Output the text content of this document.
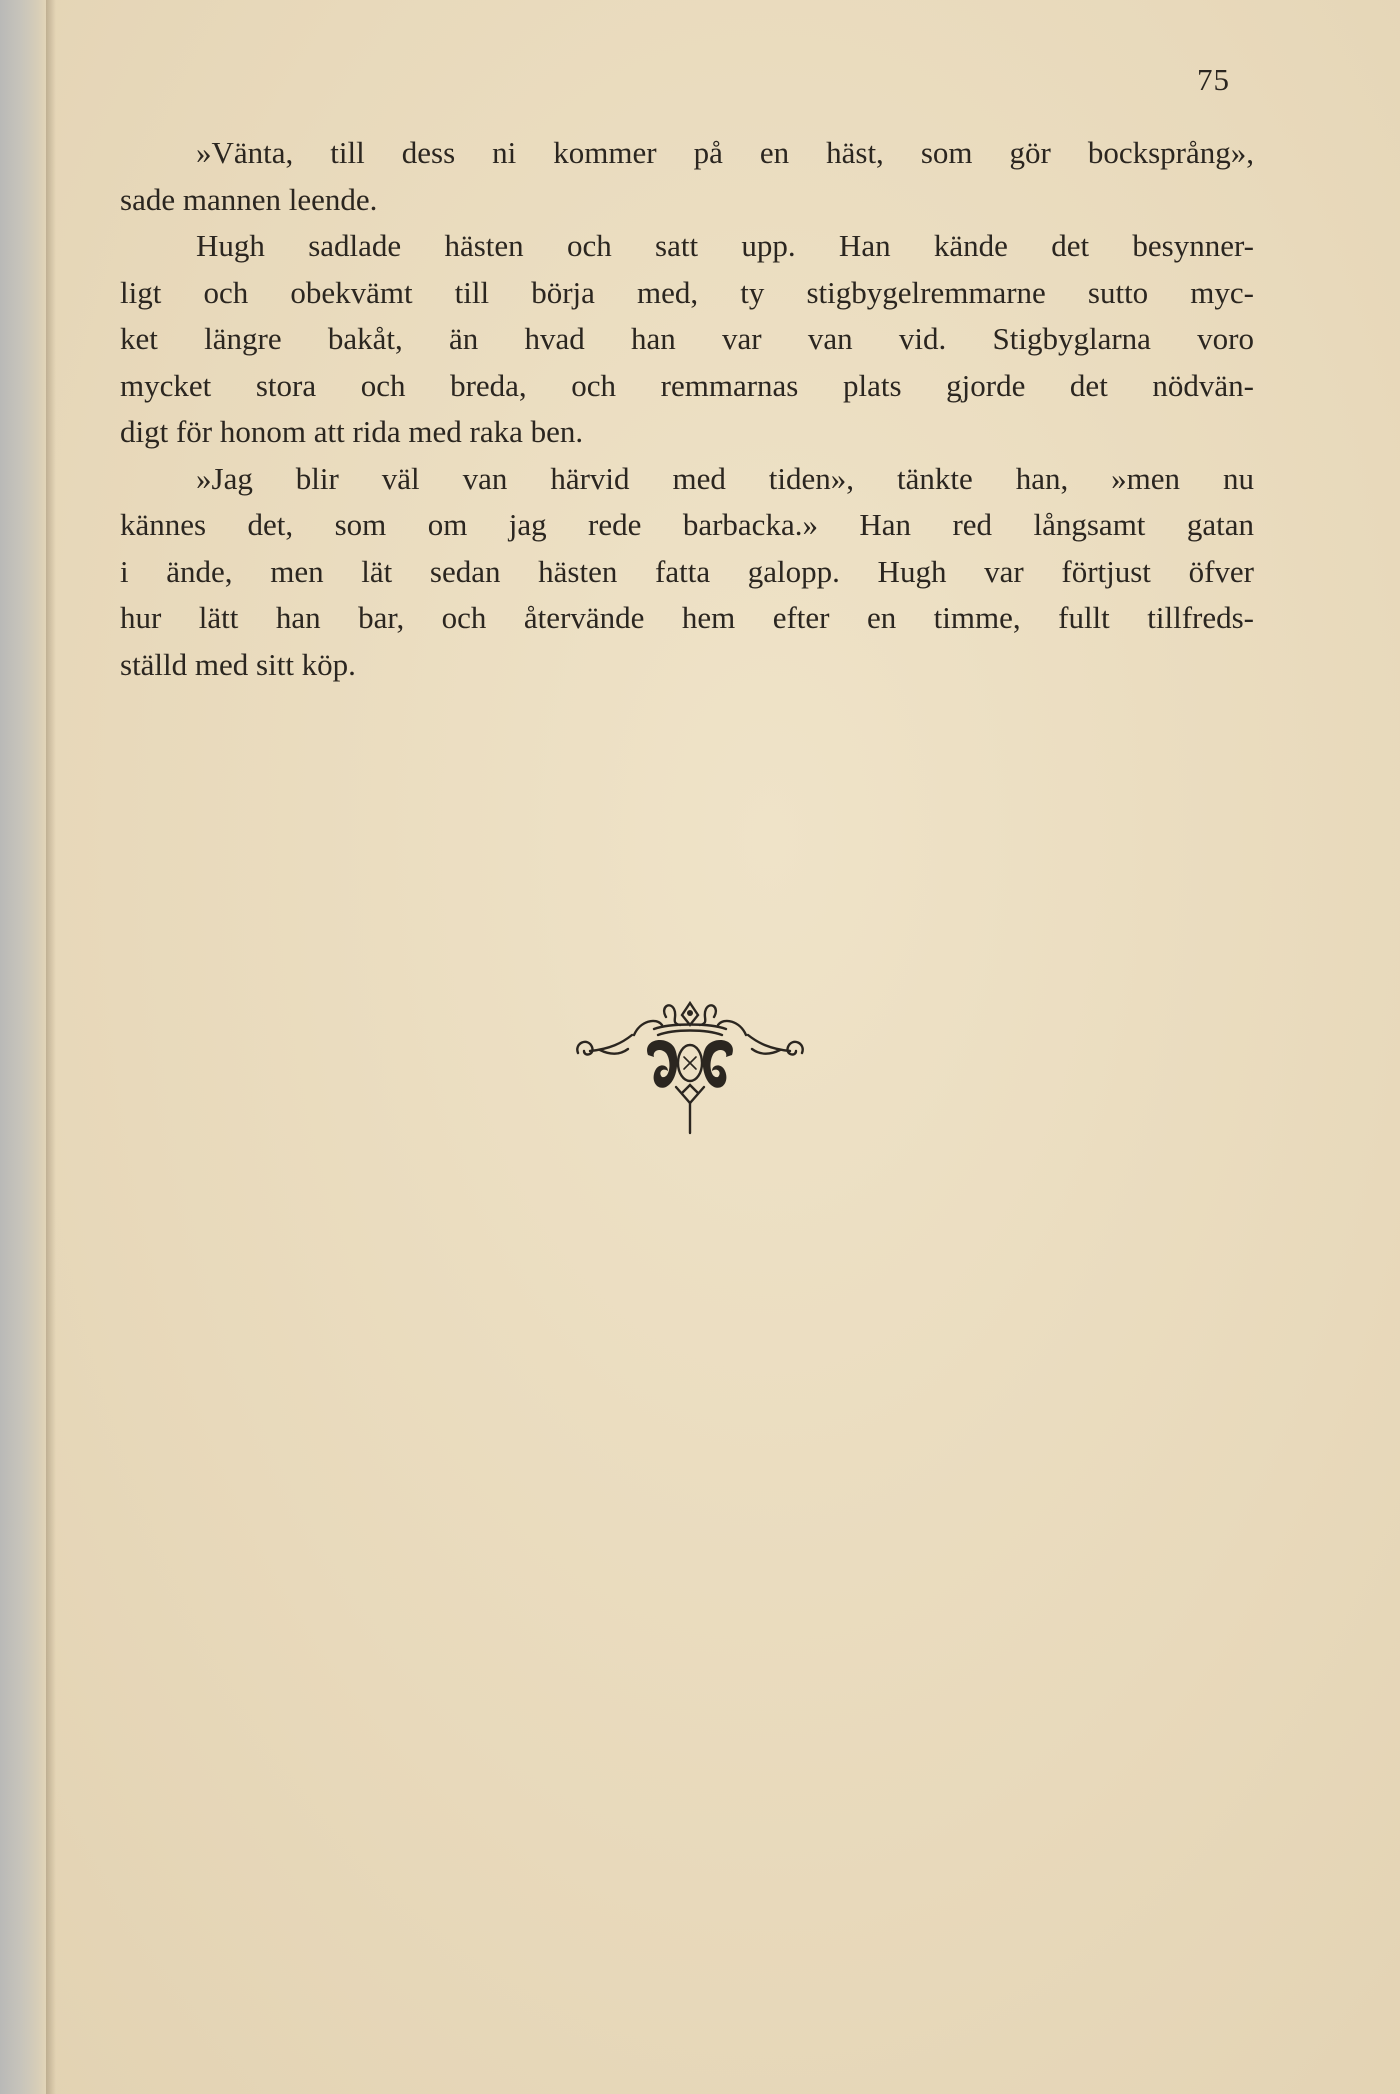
75
»Vänta, till dess ni kommer på en häst, som gör bocksprång»,
sade mannen leende.
Hugh sadlade hästen och satt upp. Han kände det besynner-
ligt och obekvämt till börja med, ty stigbygelremmarne sutto myc-
ket längre bakåt, än hvad han var van vid. Stigbyglarna voro
mycket stora och breda, och remmarnas plats gjorde det nödvän-
digt för honom att rida med raka ben.
»Jag blir väl van härvid med tiden», tänkte han, »men nu
kännes det, som om jag rede barbacka.» Han red långsamt gatan
i ände, men lät sedan hästen fatta galopp. Hugh var förtjust öfver
hur lätt han bar, och återvände hem efter en timme, fullt tillfreds-
ställd med sitt köp.
